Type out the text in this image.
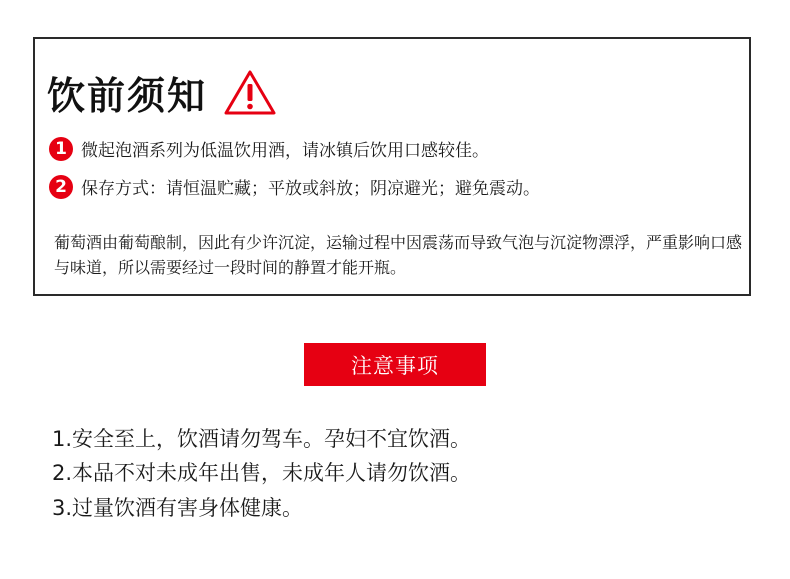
饮前须知
1 微起泡酒系列为低温饮用酒，请冰镇后饮用口感较佳。
2 保存方式：请恒温贮藏；平放或斜放；阴凉避光；避免震动。
葡萄酒由葡萄酿制，因此有少许沉淀，运输过程中因震荡而导致气泡与沉淀物漂浮，严重影响口感与味道，所以需要经过一段时间的静置才能开瓶。
注意事项
1.安全至上，饮酒请勿驾车。孕妇不宜饮酒。
2.本品不对未成年出售，未成年人请勿饮酒。
3.过量饮酒有害身体健康。
